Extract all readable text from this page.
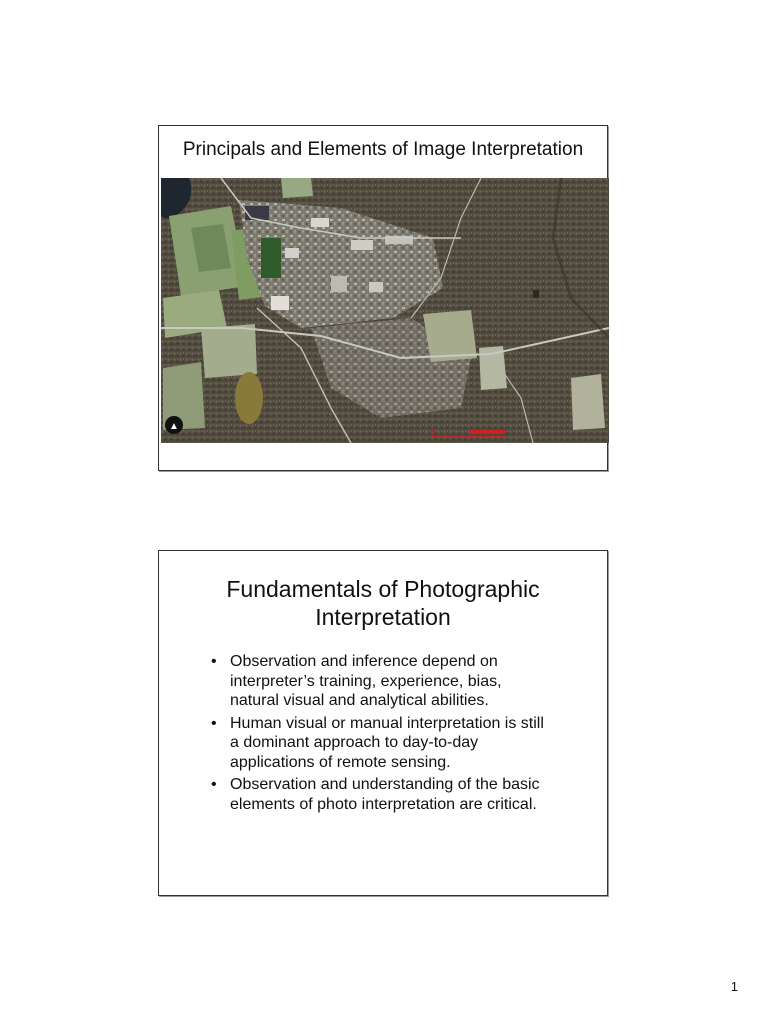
Principals and Elements of Image Interpretation
▲
Fundamentals of Photographic
Interpretation
• Observation and inference depend on
interpreter’s training, experience, bias,
natural visual and analytical abilities.
• Human visual or manual interpretation is still
a dominant approach to day-to-day
applications of remote sensing.
• Observation and understanding of the basic
elements of photo interpretation are critical.
1
